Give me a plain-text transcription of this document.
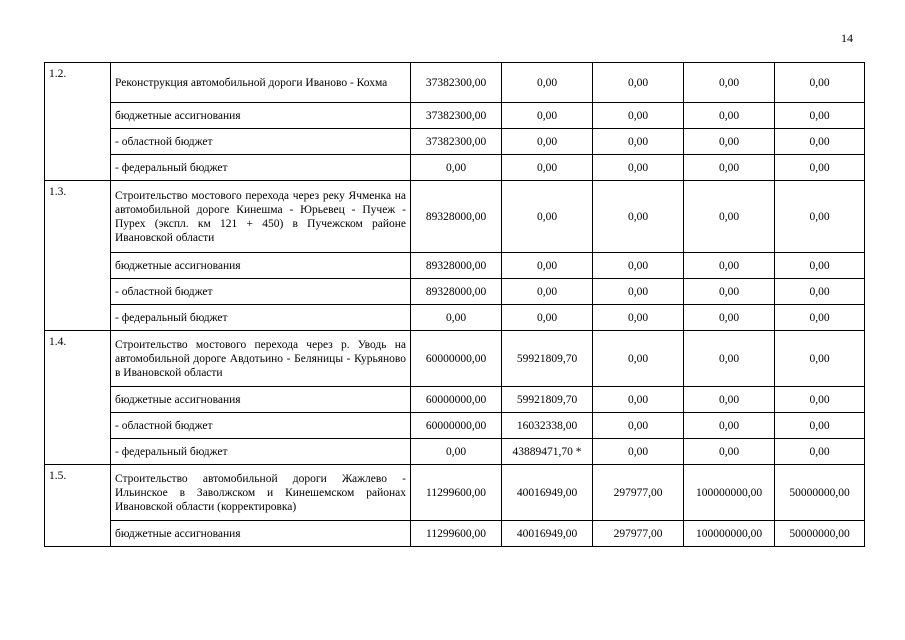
14
1.2.	Реконструкция автомобильной дороги Иваново - Кохма	37382300,00	0,00	0,00	0,00	0,00
	бюджетные ассигнования	37382300,00	0,00	0,00	0,00	0,00
	- областной бюджет	37382300,00	0,00	0,00	0,00	0,00
	- федеральный бюджет	0,00	0,00	0,00	0,00	0,00
1.3.	Строительство мостового перехода через реку Ячменка на автомобильной дороге Кинешма - Юрьевец - Пучеж - Пурех (экспл. км 121 + 450) в Пучежском районе Ивановской области	89328000,00	0,00	0,00	0,00	0,00
	бюджетные ассигнования	89328000,00	0,00	0,00	0,00	0,00
	- областной бюджет	89328000,00	0,00	0,00	0,00	0,00
	- федеральный бюджет	0,00	0,00	0,00	0,00	0,00
1.4.	Строительство мостового перехода через р. Уводь на автомобильной дороге Авдотьино - Беляницы - Курьяново в Ивановской области	60000000,00	59921809,70	0,00	0,00	0,00
	бюджетные ассигнования	60000000,00	59921809,70	0,00	0,00	0,00
	- областной бюджет	60000000,00	16032338,00	0,00	0,00	0,00
	- федеральный бюджет	0,00	43889471,70 *	0,00	0,00	0,00
1.5.	Строительство автомобильной дороги Жажлево - Ильинское в Заволжском и Кинешемском районах Ивановской области (корректировка)	11299600,00	40016949,00	297977,00	100000000,00	50000000,00
	бюджетные ассигнования	11299600,00	40016949,00	297977,00	100000000,00	50000000,00
